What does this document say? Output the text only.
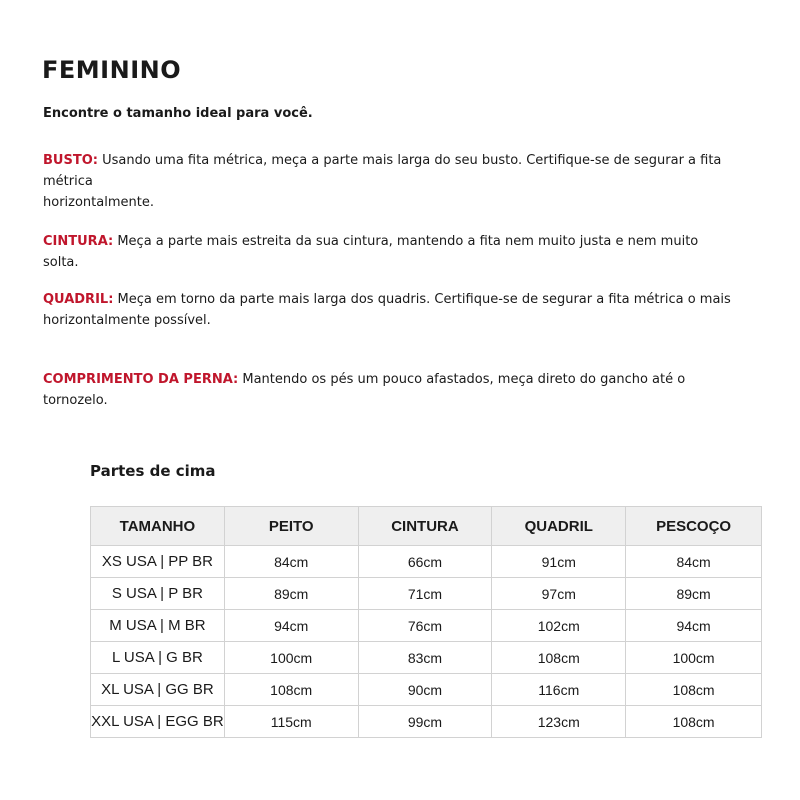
FEMININO

Encontre o tamanho ideal para você.

BUSTO: Usando uma fita métrica, meça a parte mais larga do seu busto. Certifique-se de segurar a fita métrica
horizontalmente.

CINTURA: Meça a parte mais estreita da sua cintura, mantendo a fita nem muito justa e nem muito solta.

QUADRIL: Meça em torno da parte mais larga dos quadris. Certifique-se de segurar a fita métrica o mais
horizontalmente possível.

COMPRIMENTO DA PERNA: Mantendo os pés um pouco afastados, meça direto do gancho até o tornozelo.

Partes de cima
TAMANHO	PEITO	CINTURA	QUADRIL	PESCOÇO
XS USA | PP BR	84cm	66cm	91cm	84cm
S USA | P BR	89cm	71cm	97cm	89cm
M USA | M BR	94cm	76cm	102cm	94cm
L USA | G BR	100cm	83cm	108cm	100cm
XL USA | GG BR	108cm	90cm	116cm	108cm
XXL USA | EGG BR	115cm	99cm	123cm	108cm
